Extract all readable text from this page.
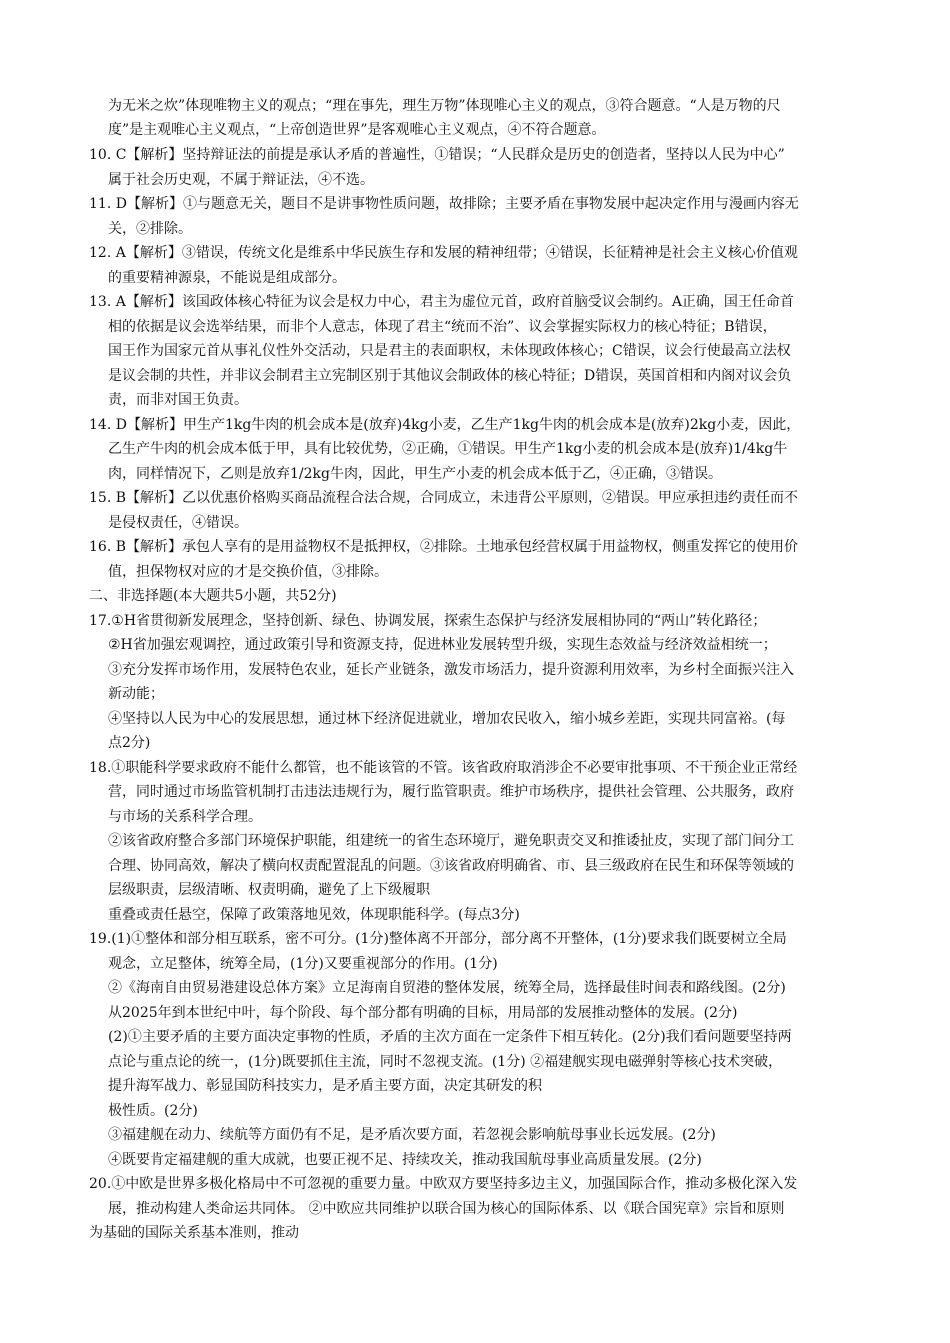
为无米之炊”体现唯物主义的观点；“理在事先，理生万物”体现唯心主义的观点，③符合题意。“人是万物的尺
度”是主观唯心主义观点，“上帝创造世界”是客观唯心主义观点，④不符合题意。
10. C【解析】坚持辩证法的前提是承认矛盾的普遍性，①错误；“人民群众是历史的创造者，坚持以人民为中心”
属于社会历史观，不属于辩证法，④不选。
11. D【解析】①与题意无关，题目不是讲事物性质问题，故排除；主要矛盾在事物发展中起决定作用与漫画内容无
关，②排除。
12. A【解析】③错误，传统文化是维系中华民族生存和发展的精神纽带；④错误，长征精神是社会主义核心价值观
的重要精神源泉，不能说是组成部分。
13. A【解析】该国政体核心特征为议会是权力中心，君主为虚位元首，政府首脑受议会制约。A正确，国王任命首
相的依据是议会选举结果，而非个人意志，体现了君主“统而不治”、议会掌握实际权力的核心特征；B错误，
国王作为国家元首从事礼仪性外交活动，只是君主的表面职权，未体现政体核心；C错误，议会行使最高立法权
是议会制的共性，并非议会制君主立宪制区别于其他议会制政体的核心特征；D错误，英国首相和内阁对议会负
责，而非对国王负责。
14. D【解析】甲生产1kg牛肉的机会成本是(放弃)4kg小麦，乙生产1kg牛肉的机会成本是(放弃)2kg小麦，因此，
乙生产牛肉的机会成本低于甲，具有比较优势，②正确，①错误。甲生产1kg小麦的机会成本是(放弃)1/4kg牛
肉，同样情况下，乙则是放弃1/2kg牛肉，因此，甲生产小麦的机会成本低于乙，④正确，③错误。
15. B【解析】乙以优惠价格购买商品流程合法合规，合同成立，未违背公平原则，②错误。甲应承担违约责任而不
是侵权责任，④错误。
16. B【解析】承包人享有的是用益物权不是抵押权，②排除。土地承包经营权属于用益物权，侧重发挥它的使用价
值，担保物权对应的才是交换价值，③排除。
二、非选择题(本大题共5小题，共52分)
17.①H省贯彻新发展理念，坚持创新、绿色、协调发展，探索生态保护与经济发展相协同的“两山”转化路径；
②H省加强宏观调控，通过政策引导和资源支持，促进林业发展转型升级，实现生态效益与经济效益相统一；
③充分发挥市场作用，发展特色农业，延长产业链条，激发市场活力，提升资源利用效率，为乡村全面振兴注入
新动能；
④坚持以人民为中心的发展思想，通过林下经济促进就业，增加农民收入，缩小城乡差距，实现共同富裕。(每
点2分)
18.①职能科学要求政府不能什么都管，也不能该管的不管。该省政府取消涉企不必要审批事项、不干预企业正常经
营，同时通过市场监管机制打击违法违规行为，履行监管职责。维护市场秩序，提供社会管理、公共服务，政府
与市场的关系科学合理。
②该省政府整合多部门环境保护职能，组建统一的省生态环境厅，避免职责交叉和推诿扯皮，实现了部门间分工
合理、协同高效，解决了横向权责配置混乱的问题。③该省政府明确省、市、县三级政府在民生和环保等领域的
层级职责，层级清晰、权责明确，避免了上下级履职
重叠或责任悬空，保障了政策落地见效，体现职能科学。(每点3分)
19.(1)①整体和部分相互联系，密不可分。(1分)整体离不开部分，部分离不开整体，(1分)要求我们既要树立全局
观念，立足整体，统筹全局，(1分)又要重视部分的作用。(1分)
②《海南自由贸易港建设总体方案》立足海南自贸港的整体发展，统筹全局，选择最佳时间表和路线图。(2分)
从2025年到本世纪中叶，每个阶段、每个部分都有明确的目标，用局部的发展推动整体的发展。(2分)
(2)①主要矛盾的主要方面决定事物的性质，矛盾的主次方面在一定条件下相互转化。(2分)我们看问题要坚持两
点论与重点论的统一，(1分)既要抓住主流，同时不忽视支流。(1分) ②福建舰实现电磁弹射等核心技术突破，
提升海军战力、彰显国防科技实力，是矛盾主要方面，决定其研发的积
极性质。(2分)
③福建舰在动力、续航等方面仍有不足，是矛盾次要方面，若忽视会影响航母事业长远发展。(2分)
④既要肯定福建舰的重大成就，也要正视不足、持续攻关，推动我国航母事业高质量发展。(2分)
20.①中欧是世界多极化格局中不可忽视的重要力量。中欧双方要坚持多边主义，加强国际合作，推动多极化深入发
展，推动构建人类命运共同体。 ②中欧应共同维护以联合国为核心的国际体系、以《联合国宪章》宗旨和原则
为基础的国际关系基本准则，推动
